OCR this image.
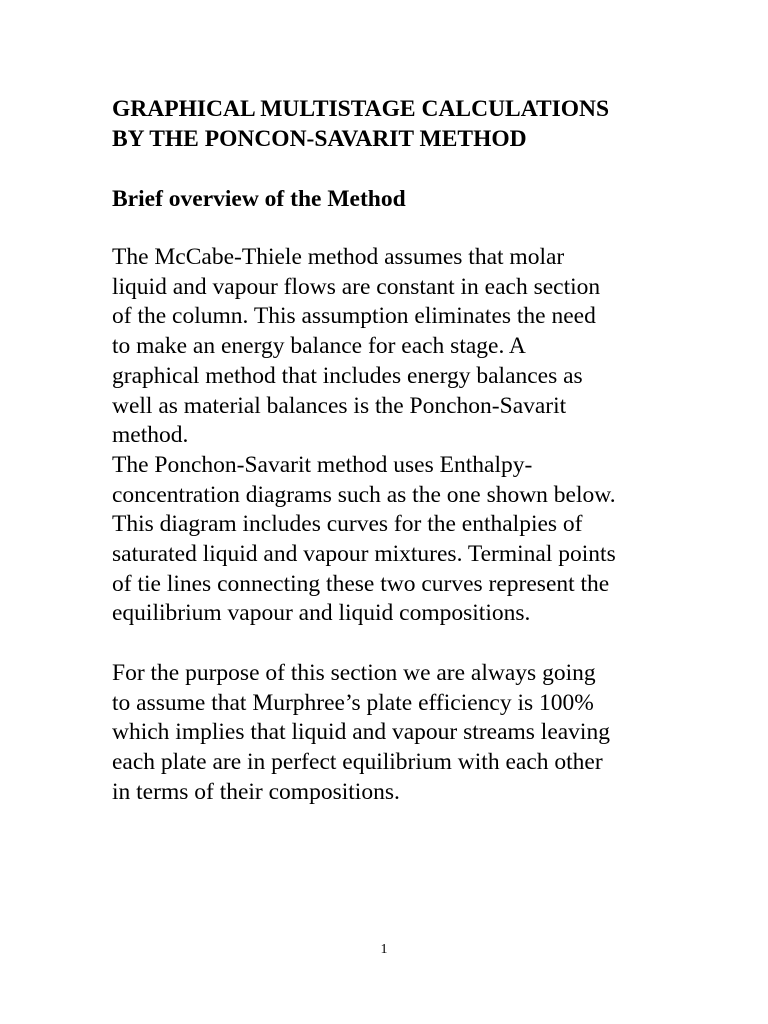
GRAPHICAL MULTISTAGE CALCULATIONS
BY THE PONCON-SAVARIT METHOD
Brief overview of the Method

The McCabe-Thiele method assumes that molar
liquid and vapour flows are constant in each section
of the column. This assumption eliminates the need
to make an energy balance for each stage. A
graphical method that includes energy balances as
well as material balances is the Ponchon-Savarit
method.
The Ponchon-Savarit method uses Enthalpy-
concentration diagrams such as the one shown below.
This diagram includes curves for the enthalpies of
saturated liquid and vapour mixtures. Terminal points
of tie lines connecting these two curves represent the
equilibrium vapour and liquid compositions.

For the purpose of this section we are always going
to assume that Murphree’s plate efficiency is 100%
which implies that liquid and vapour streams leaving
each plate are in perfect equilibrium with each other
in terms of their compositions.

1
